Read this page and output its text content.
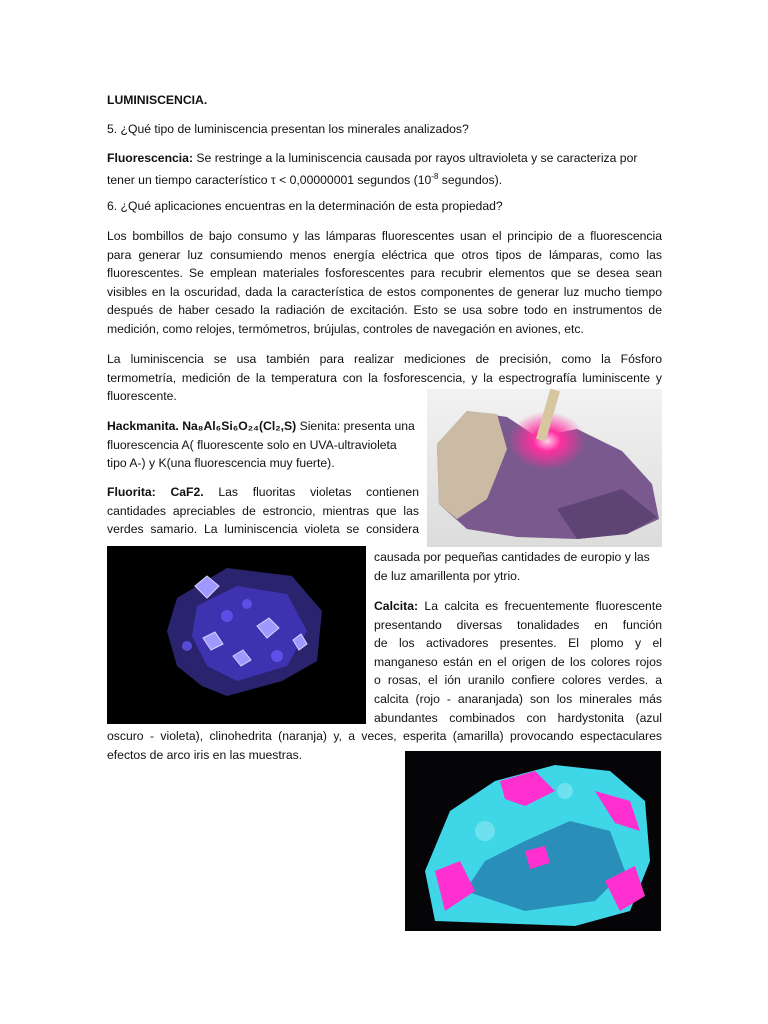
LUMINISCENCIA.
5. ¿Qué tipo de luminiscencia presentan los minerales analizados?
Fluorescencia: Se restringe a la luminiscencia causada por rayos ultravioleta y se caracteriza por
tener un tiempo característico τ < 0,00000001 segundos ($10^{-8}$ segundos).
6. ¿Qué aplicaciones encuentras en la determinación de esta propiedad?
Los bombillos de bajo consumo y las lámparas fluorescentes usan el principio de a fluorescencia
para generar luz consumiendo menos energía eléctrica que otros tipos de lámparas, como las
fluorescentes. Se emplean materiales fosforescentes para recubrir elementos que se desea sean
visibles en la oscuridad, dada la característica de estos componentes de generar luz mucho tiempo
después de haber cesado la radiación de excitación. Esto se usa sobre todo en instrumentos de
medición, como relojes, termómetros, brújulas, controles de navegación en aviones, etc.
La luminiscencia se usa también para realizar mediciones de precisión, como la Fósforo
termometría, medición de la temperatura con la fosforescencia, y la espectrografía luminiscente y
fluorescente.
Hackmanita. Na₈Al₆Si₆O₂₄(Cl₂,S) Sienita: presenta una
fluorescencia A( fluorescente solo en UVA-ultravioleta
tipo A-) y K(una fluorescencia muy fuerte).
Fluorita: CaF2. Las fluoritas violetas contienen
cantidades apreciables de estroncio, mientras que las
verdes samario. La luminiscencia violeta se considera
causada por pequeñas cantidades de europio y las
de luz amarillenta por ytrio.
Calcita: La calcita es frecuentemente fluorescente
presentando diversas tonalidades en función
de los activadores presentes. El plomo y el
manganeso están en el origen de los colores rojos
o rosas, el ión uranilo confiere colores verdes. a
calcita (rojo - anaranjada) son los minerales más
abundantes combinados con hardystonita (azul
oscuro - violeta), clinohedrita (naranja) y, a veces, esperita (amarilla) provocando espectaculares
efectos de arco iris en las muestras.
